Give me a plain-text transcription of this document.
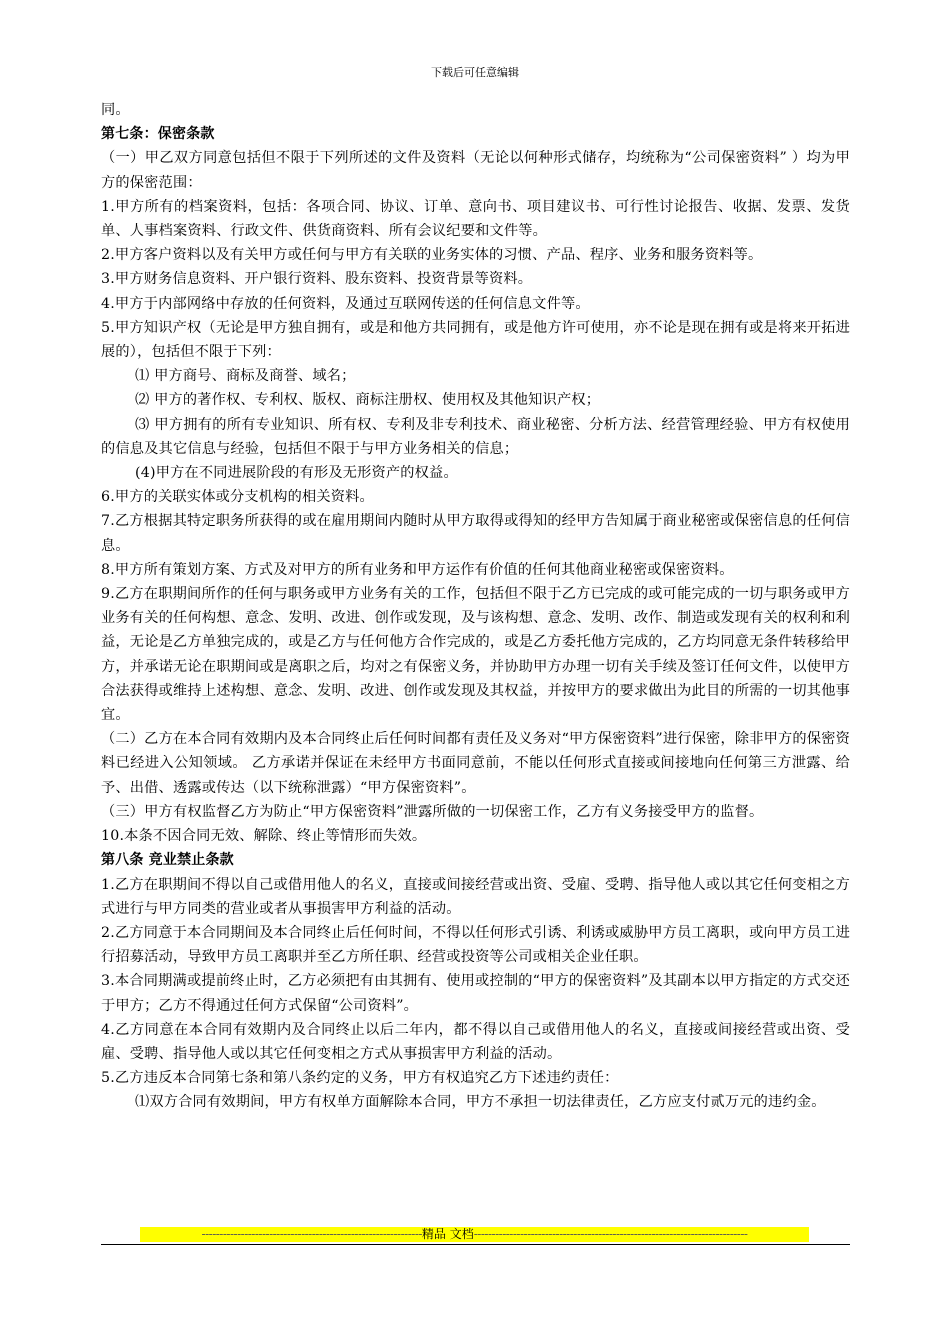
下载后可任意编辑

同。

第七条：保密条款

（一）甲乙双方同意包括但不限于下列所述的文件及资料（无论以何种形式储存，均统称为“公司保密资料” ）均为甲方的保密范围：

1.甲方所有的档案资料，包括：各项合同、协议、订单、意向书、项目建议书、可行性讨论报告、收据、发票、发货单、人事档案资料、行政文件、供货商资料、所有会议纪要和文件等。

2.甲方客户资料以及有关甲方或任何与甲方有关联的业务实体的习惯、产品、程序、业务和服务资料等。

3.甲方财务信息资料、开户银行资料、股东资料、投资背景等资料。

4.甲方于内部网络中存放的任何资料，及通过互联网传送的任何信息文件等。

5.甲方知识产权（无论是甲方独自拥有，或是和他方共同拥有，或是他方许可使用，亦不论是现在拥有或是将来开拓进展的），包括但不限于下列：

⑴ 甲方商号、商标及商誉、域名；

⑵ 甲方的著作权、专利权、版权、商标注册权、使用权及其他知识产权；

⑶ 甲方拥有的所有专业知识、所有权、专利及非专利技术、商业秘密、分析方法、经营管理经验、甲方有权使用的信息及其它信息与经验，包括但不限于与甲方业务相关的信息；

(4)甲方在不同进展阶段的有形及无形资产的权益。

6.甲方的关联实体或分支机构的相关资料。

7.乙方根据其特定职务所获得的或在雇用期间内随时从甲方取得或得知的经甲方告知属于商业秘密或保密信息的任何信息。

8.甲方所有策划方案、方式及对甲方的所有业务和甲方运作有价值的任何其他商业秘密或保密资料。

9.乙方在职期间所作的任何与职务或甲方业务有关的工作，包括但不限于乙方已完成的或可能完成的一切与职务或甲方业务有关的任何构想、意念、发明、改进、创作或发现，及与该构想、意念、发明、改作、制造或发现有关的权利和利益，无论是乙方单独完成的，或是乙方与任何他方合作完成的，或是乙方委托他方完成的，乙方均同意无条件转移给甲方，并承诺无论在职期间或是离职之后，均对之有保密义务，并协助甲方办理一切有关手续及签订任何文件，以使甲方合法获得或维持上述构想、意念、发明、改进、创作或发现及其权益，并按甲方的要求做出为此目的所需的一切其他事宜。

（二）乙方在本合同有效期内及本合同终止后任何时间都有责任及义务对“甲方保密资料”进行保密，除非甲方的保密资料已经进入公知领域。 乙方承诺并保证在未经甲方书面同意前，不能以任何形式直接或间接地向任何第三方泄露、给予、出借、透露或传达（以下统称泄露）“甲方保密资料”。

（三）甲方有权监督乙方为防止“甲方保密资料”泄露所做的一切保密工作，乙方有义务接受甲方的监督。

10.本条不因合同无效、解除、终止等情形而失效。

第八条 竞业禁止条款

1.乙方在职期间不得以自己或借用他人的名义，直接或间接经营或出资、受雇、受聘、指导他人或以其它任何变相之方式进行与甲方同类的营业或者从事损害甲方利益的活动。

2.乙方同意于本合同期间及本合同终止后任何时间，不得以任何形式引诱、利诱或威胁甲方员工离职，或向甲方员工进行招募活动，导致甲方员工离职并至乙方所任职、经营或投资等公司或相关企业任职。

3.本合同期满或提前终止时，乙方必须把有由其拥有、使用或控制的“甲方的保密资料”及其副本以甲方指定的方式交还于甲方；乙方不得通过任何方式保留“公司资料”。

4.乙方同意在本合同有效期内及合同终止以后二年内，都不得以自己或借用他人的名义，直接或间接经营或出资、受雇、受聘、指导他人或以其它任何变相之方式从事损害甲方利益的活动。

5.乙方违反本合同第七条和第八条约定的义务，甲方有权追究乙方下述违约责任：

⑴双方合同有效期间，甲方有权单方面解除本合同，甲方不承担一切法律责任，乙方应支付贰万元的违约金。

--------------------------------------------------------------精品 文档-----------------------------------------------------------------------------
